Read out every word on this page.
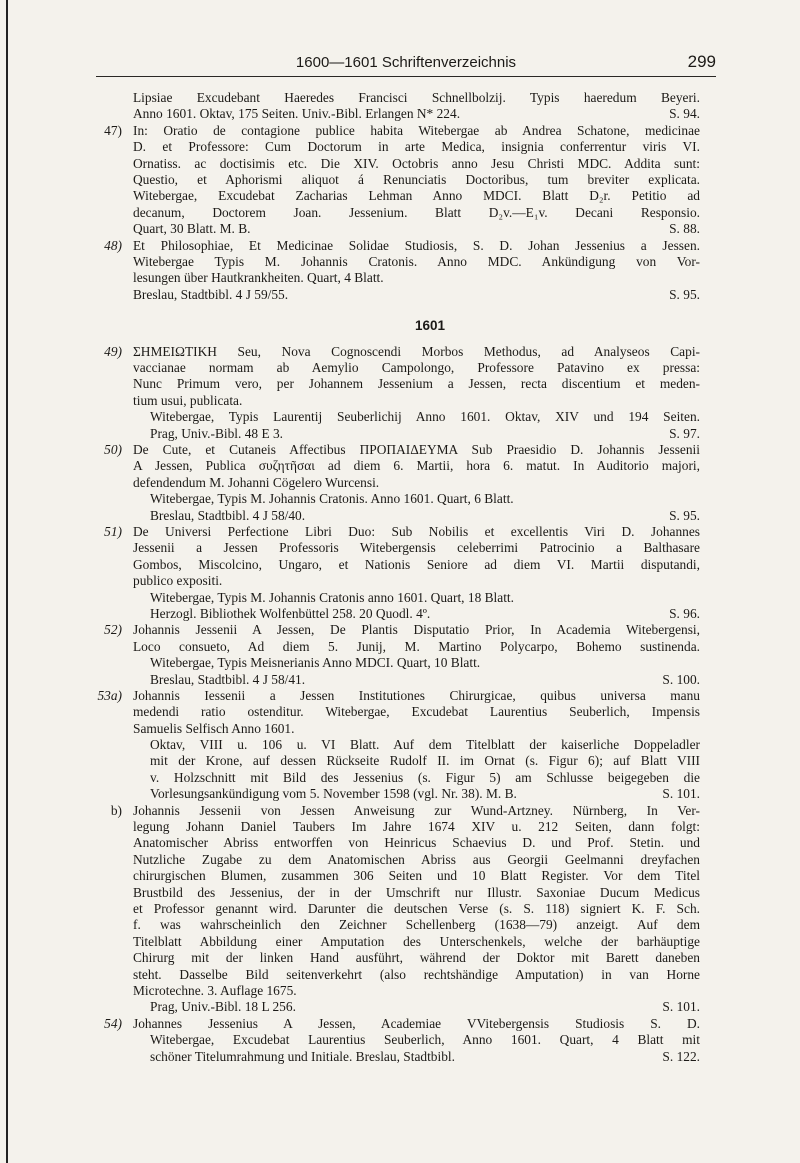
1600—1601 Schriftenverzeichnis	299
Lipsiae Excudebant Haeredes Francisci Schnellbolzij. Typis haeredum Beyeri.
Anno 1601. Oktav, 175 Seiten. Univ.-Bibl. Erlangen N* 224.	S. 94.
47) In: Oratio de contagione publice habita Witebergae ab Andrea Schatone, medicinae
D. et Professore: Cum Doctorum in arte Medica, insignia conferrentur viris VI.
Ornatiss. ac doctisimis etc. Die XIV. Octobris anno Jesu Christi MDC. Addita sunt:
Questio, et Aphorismi aliquot á Renunciatis Doctoribus, tum breviter explicata.
Witebergae, Excudebat Zacharias Lehman Anno MDCI. Blatt D₂r. Petitio ad
decanum, Doctorem Joan. Jessenium. Blatt D₂v.—E₁v. Decani Responsio.
Quart, 30 Blatt. M. B.	S. 88.
48) Et Philosophiae, Et Medicinae Solidae Studiosis, S. D. Johan Jessenius a Jessen.
Witebergae Typis M. Johannis Cratonis. Anno MDC. Ankündigung von Vor-
lesungen über Hautkrankheiten. Quart, 4 Blatt.
Breslau, Stadtbibl. 4 J 59/55.	S. 95.
1601
49) ΣΗΜΕΙΩΤΙΚΗ Seu, Nova Cognoscendi Morbos Methodus, ad Analyseos Capi-
vaccianae normam ab Aemylio Campolongo, Professore Patavino ex pressa:
Nunc Primum vero, per Johannem Jessenium a Jessen, recta discentium et meden-
tium usui, publicata.
Witebergae, Typis Laurentij Seuberlichij Anno 1601. Oktav, XIV und 194 Seiten.
Prag, Univ.-Bibl. 48 E 3.	S. 97.
50) De Cute, et Cutaneis Affectibus ΠΡΟΠΑΙΔΕΥΜΑ Sub Praesidio D. Johannis Jessenii
A Jessen, Publica συζητῆσαι ad diem 6. Martii, hora 6. matut. In Auditorio majori,
defendendum M. Johanni Cögelero Wurcensi.
Witebergae, Typis M. Johannis Cratonis. Anno 1601. Quart, 6 Blatt.
Breslau, Stadtbibl. 4 J 58/40.	S. 95.
51) De Universi Perfectione Libri Duo: Sub Nobilis et excellentis Viri D. Johannes
Jessenii a Jessen Professoris Witebergensis celeberrimi Patrocinio a Balthasare
Gombos, Miscolcino, Ungaro, et Nationis Seniore ad diem VI. Martii disputandi,
publico expositi.
Witebergae, Typis M. Johannis Cratonis anno 1601. Quart, 18 Blatt.
Herzogl. Bibliothek Wolfenbüttel 258. 20 Quodl. 4º.	S. 96.
52) Johannis Jessenii A Jessen, De Plantis Disputatio Prior, In Academia Witebergensi,
Loco consueto, Ad diem 5. Junij, M. Martino Polycarpo, Bohemo sustinenda.
Witebergae, Typis Meisnerianis Anno MDCI. Quart, 10 Blatt.
Breslau, Stadtbibl. 4 J 58/41.	S. 100.
53a) Johannis Iessenii a Jessen Institutiones Chirurgicae, quibus universa manu
medendi ratio ostenditur. Witebergae, Excudebat Laurentius Seuberlich, Impensis
Samuelis Selfisch Anno 1601.
Oktav, VIII u. 106 u. VI Blatt. Auf dem Titelblatt der kaiserliche Doppeladler
mit der Krone, auf dessen Rückseite Rudolf II. im Ornat (s. Figur 6); auf Blatt VIII
v. Holzschnitt mit Bild des Jessenius (s. Figur 5) am Schlusse beigegeben die
Vorlesungsankündigung vom 5. November 1598 (vgl. Nr. 38). M. B.	S. 101.
b) Johannis Jessenii von Jessen Anweisung zur Wund-Artzney. Nürnberg, In Ver-
legung Johann Daniel Taubers Im Jahre 1674 XIV u. 212 Seiten, dann folgt:
Anatomischer Abriss entworffen von Heinricus Schaevius D. und Prof. Stetin. und
Nutzliche Zugabe zu dem Anatomischen Abriss aus Georgii Geelmanni dreyfachen
chirurgischen Blumen, zusammen 306 Seiten und 10 Blatt Register. Vor dem Titel
Brustbild des Jessenius, der in der Umschrift nur Illustr. Saxoniae Ducum Medicus
et Professor genannt wird. Darunter die deutschen Verse (s. S. 118) signiert K. F. Sch.
f. was wahrscheinlich den Zeichner Schellenberg (1638—79) anzeigt. Auf dem
Titelblatt Abbildung einer Amputation des Unterschenkels, welche der barhäuptige
Chirurg mit der linken Hand ausführt, während der Doktor mit Barett daneben
steht. Dasselbe Bild seitenverkehrt (also rechtshändige Amputation) in van Horne
Microtechne. 3. Auflage 1675.
Prag, Univ.-Bibl. 18 L 256.	S. 101.
54) Johannes Jessenius A Jessen, Academiae VVitebergensis Studiosis S. D.
Witebergae, Excudebat Laurentius Seuberlich, Anno 1601. Quart, 4 Blatt mit
schöner Titelumrahmung und Initiale. Breslau, Stadtbibl.	S. 122.
